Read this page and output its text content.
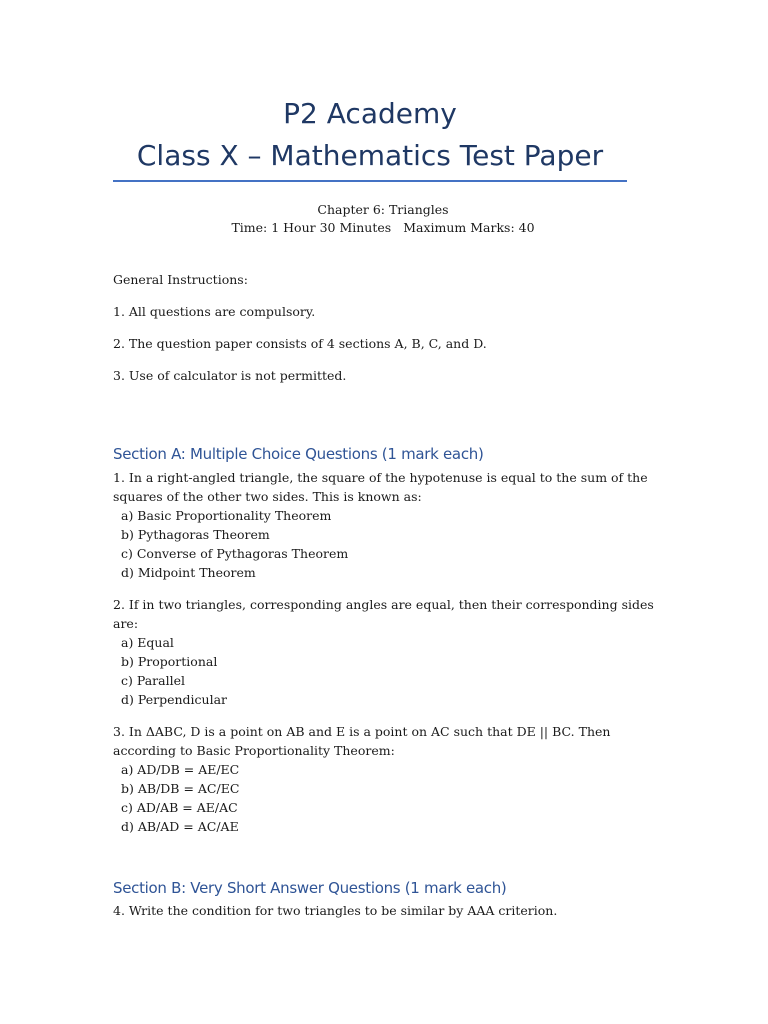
P2 Academy
Class X – Mathematics Test Paper
Chapter 6: Triangles
Time: 1 Hour 30 Minutes Maximum Marks: 40

General Instructions:

1. All questions are compulsory.

2. The question paper consists of 4 sections A, B, C, and D.

3. Use of calculator is not permitted.

Section A: Multiple Choice Questions (1 mark each)

1. In a right-angled triangle, the square of the hypotenuse is equal to the sum of the squares of the other two sides. This is known as:

a) Basic Proportionality Theorem

b) Pythagoras Theorem

c) Converse of Pythagoras Theorem

d) Midpoint Theorem

2. If in two triangles, corresponding angles are equal, then their corresponding sides are:

a) Equal

b) Proportional

c) Parallel

d) Perpendicular

3. In ΔABC, D is a point on AB and E is a point on AC such that DE || BC. Then according to Basic Proportionality Theorem:

a) AD/DB = AE/EC

b) AB/DB = AC/EC

c) AD/AB = AE/AC

d) AB/AD = AC/AE

Section B: Very Short Answer Questions (1 mark each)

4. Write the condition for two triangles to be similar by AAA criterion.
